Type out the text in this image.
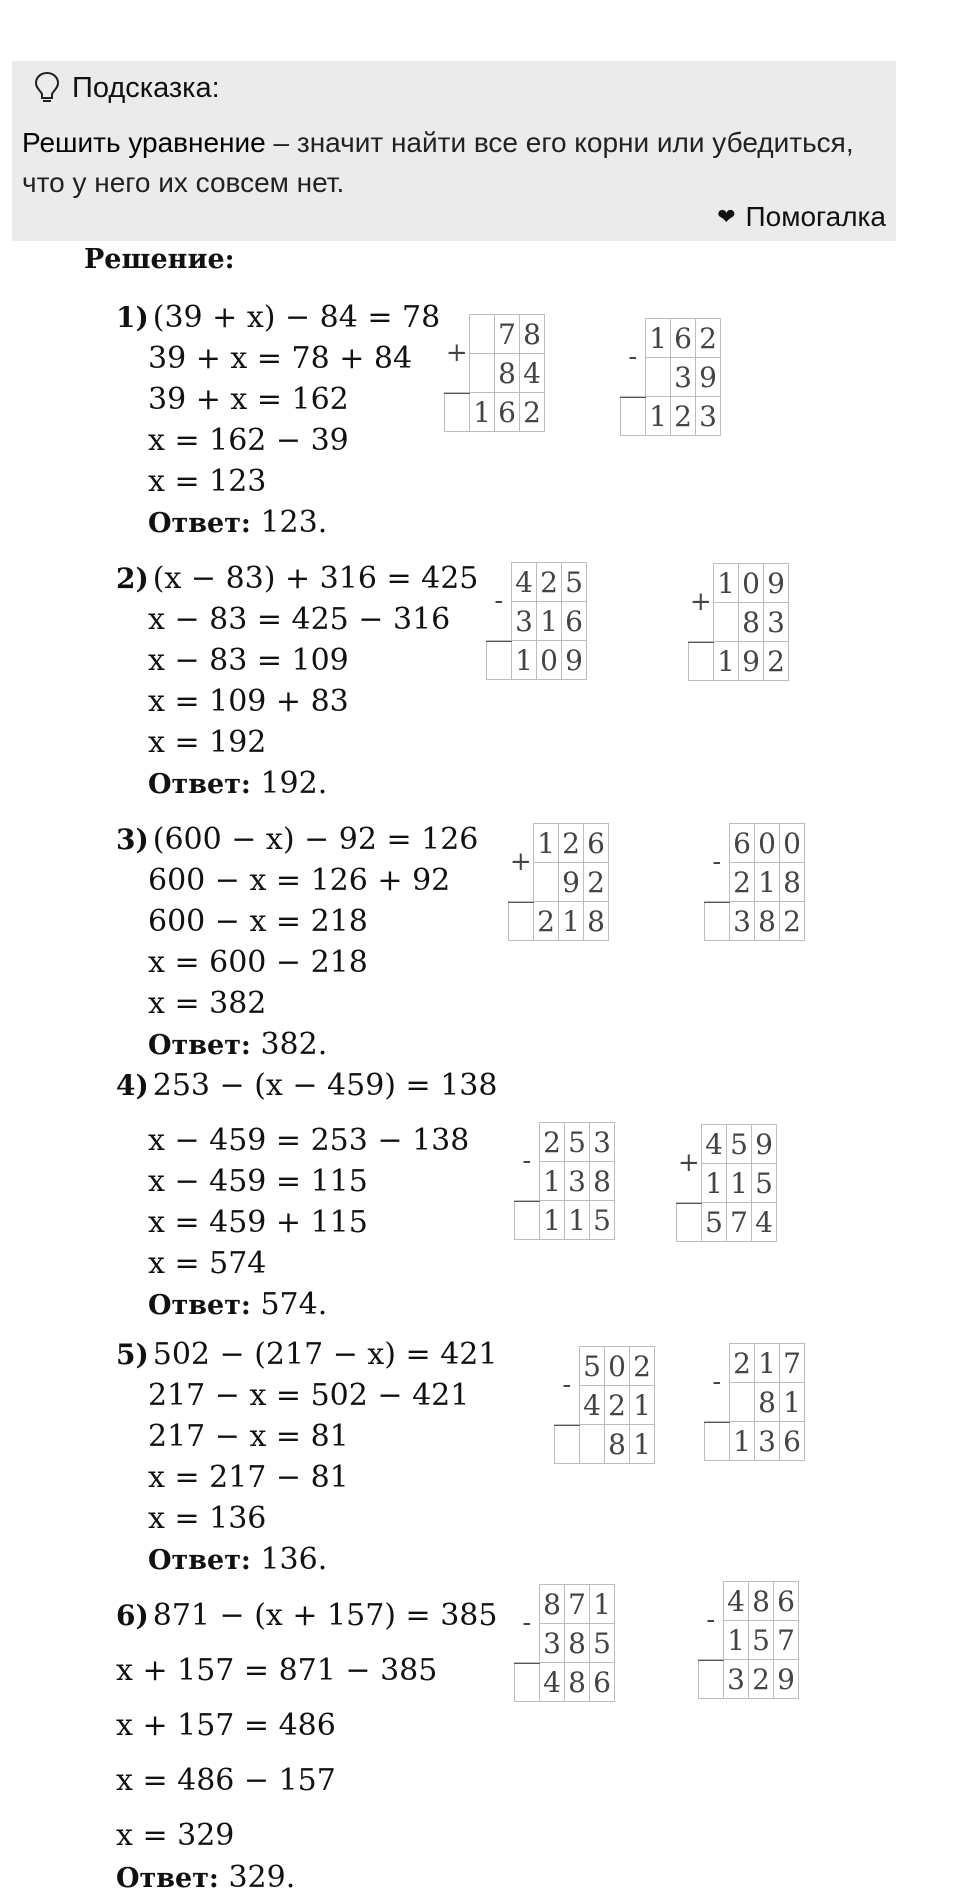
Подсказка:
Решить уравнение – значит найти все его корни или убедиться,
что у него их совсем нет.
❤ Помогалка
Решение:
1) (39 + x) − 84 = 78
39 + x = 78 + 84
39 + x = 162
x = 162 − 39
x = 123
Ответ: 123.
2) (x − 83) + 316 = 425
x − 83 = 425 − 316
x − 83 = 109
x = 109 + 83
x = 192
Ответ: 192.
3) (600 − x) − 92 = 126
600 − x = 126 + 92
600 − x = 218
x = 600 − 218
x = 382
Ответ: 382.
4) 253 − (x − 459) = 138
x − 459 = 253 − 138
x − 459 = 115
x = 459 + 115
x = 574
Ответ: 574.
5) 502 − (217 − x) = 421
217 − x = 502 − 421
217 − x = 81
x = 217 − 81
x = 136
Ответ: 136.
6) 871 − (x + 157) = 385
x + 157 = 871 − 385
x + 157 = 486
x = 486 − 157
x = 329
Ответ: 329.
+		7	8
		8	4
	1	6	2
-	1	6	2
		3	9
	1	2	3
-	4	2	5
	3	1	6
	1	0	9
+	1	0	9
		8	3
	1	9	2
+	1	2	6
		9	2
	2	1	8
-	6	0	0
	2	1	8
	3	8	2
-	2	5	3
	1	3	8
	1	1	5
+	4	5	9
	1	1	5
	5	7	4
-	5	0	2
	4	2	1
		8	1
-	2	1	7
		8	1
	1	3	6
-	8	7	1
	3	8	5
	4	8	6
-	4	8	6
	1	5	7
	3	2	9
